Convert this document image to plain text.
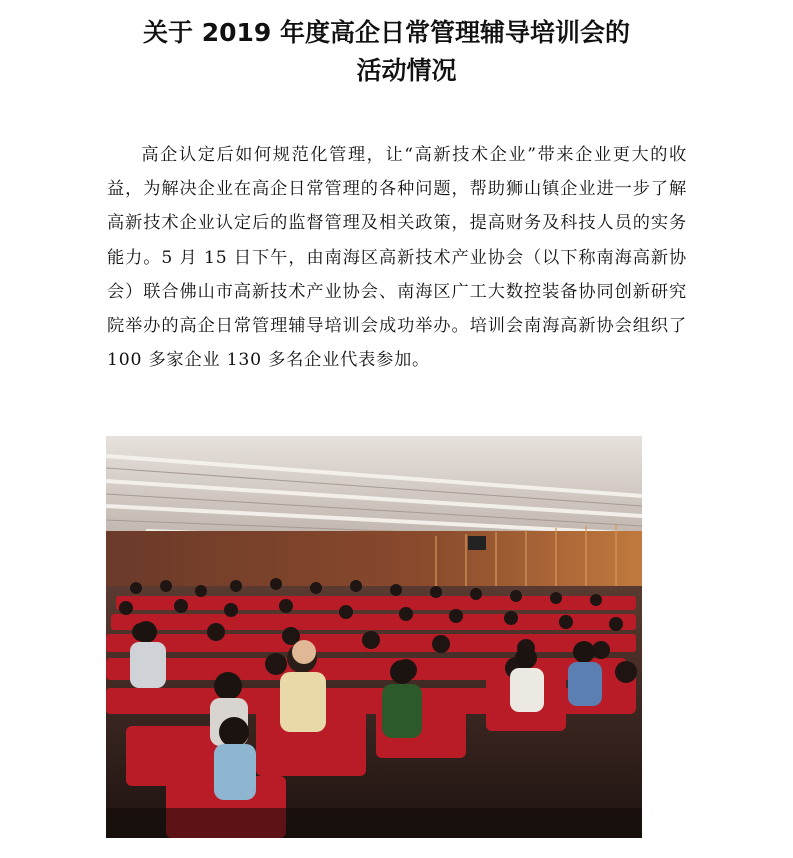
关于 2019 年度高企日常管理辅导培训会的
活动情况

高企认定后如何规范化管理，让“高新技术企业”带来企业更大的收益，为解决企业在高企日常管理的各种问题，帮助狮山镇企业进一步了解高新技术企业认定后的监督管理及相关政策，提高财务及科技人员的实务能力。5 月 15 日下午，由南海区高新技术产业协会（以下称南海高新协会）联合佛山市高新技术产业协会、南海区广工大数控装备协同创新研究院举办的高企日常管理辅导培训会成功举办。培训会南海高新协会组织了 100 多家企业 130 多名企业代表参加。
